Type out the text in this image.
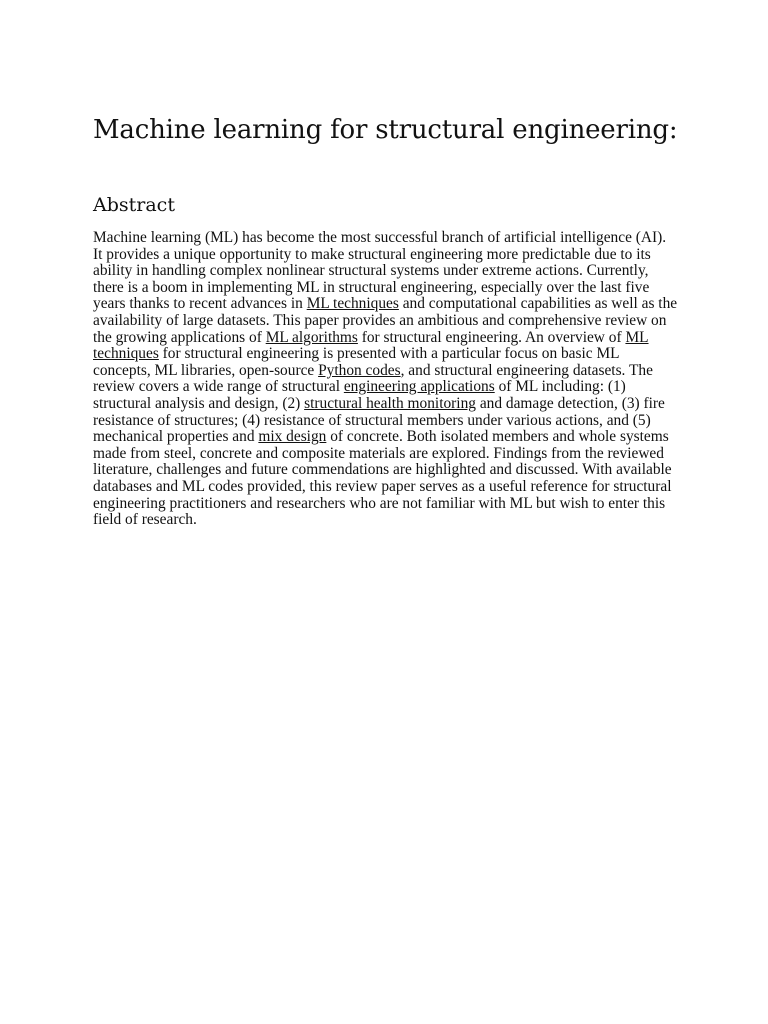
Machine learning for structural engineering:
Abstract

Machine learning (ML) has become the most successful branch of artificial intelligence (AI). It provides a unique opportunity to make structural engineering more predictable due to its ability in handling complex nonlinear structural systems under extreme actions. Currently, there is a boom in implementing ML in structural engineering, especially over the last five years thanks to recent advances in ML techniques and computational capabilities as well as the availability of large datasets. This paper provides an ambitious and comprehensive review on the growing applications of ML algorithms for structural engineering. An overview of ML techniques for structural engineering is presented with a particular focus on basic ML concepts, ML libraries, open-source Python codes, and structural engineering datasets. The review covers a wide range of structural engineering applications of ML including: (1) structural analysis and design, (2) structural health monitoring and damage detection, (3) fire resistance of structures; (4) resistance of structural members under various actions, and (5) mechanical properties and mix design of concrete. Both isolated members and whole systems made from steel, concrete and composite materials are explored. Findings from the reviewed literature, challenges and future commendations are highlighted and discussed. With available databases and ML codes provided, this review paper serves as a useful reference for structural engineering practitioners and researchers who are not familiar with ML but wish to enter this field of research.
